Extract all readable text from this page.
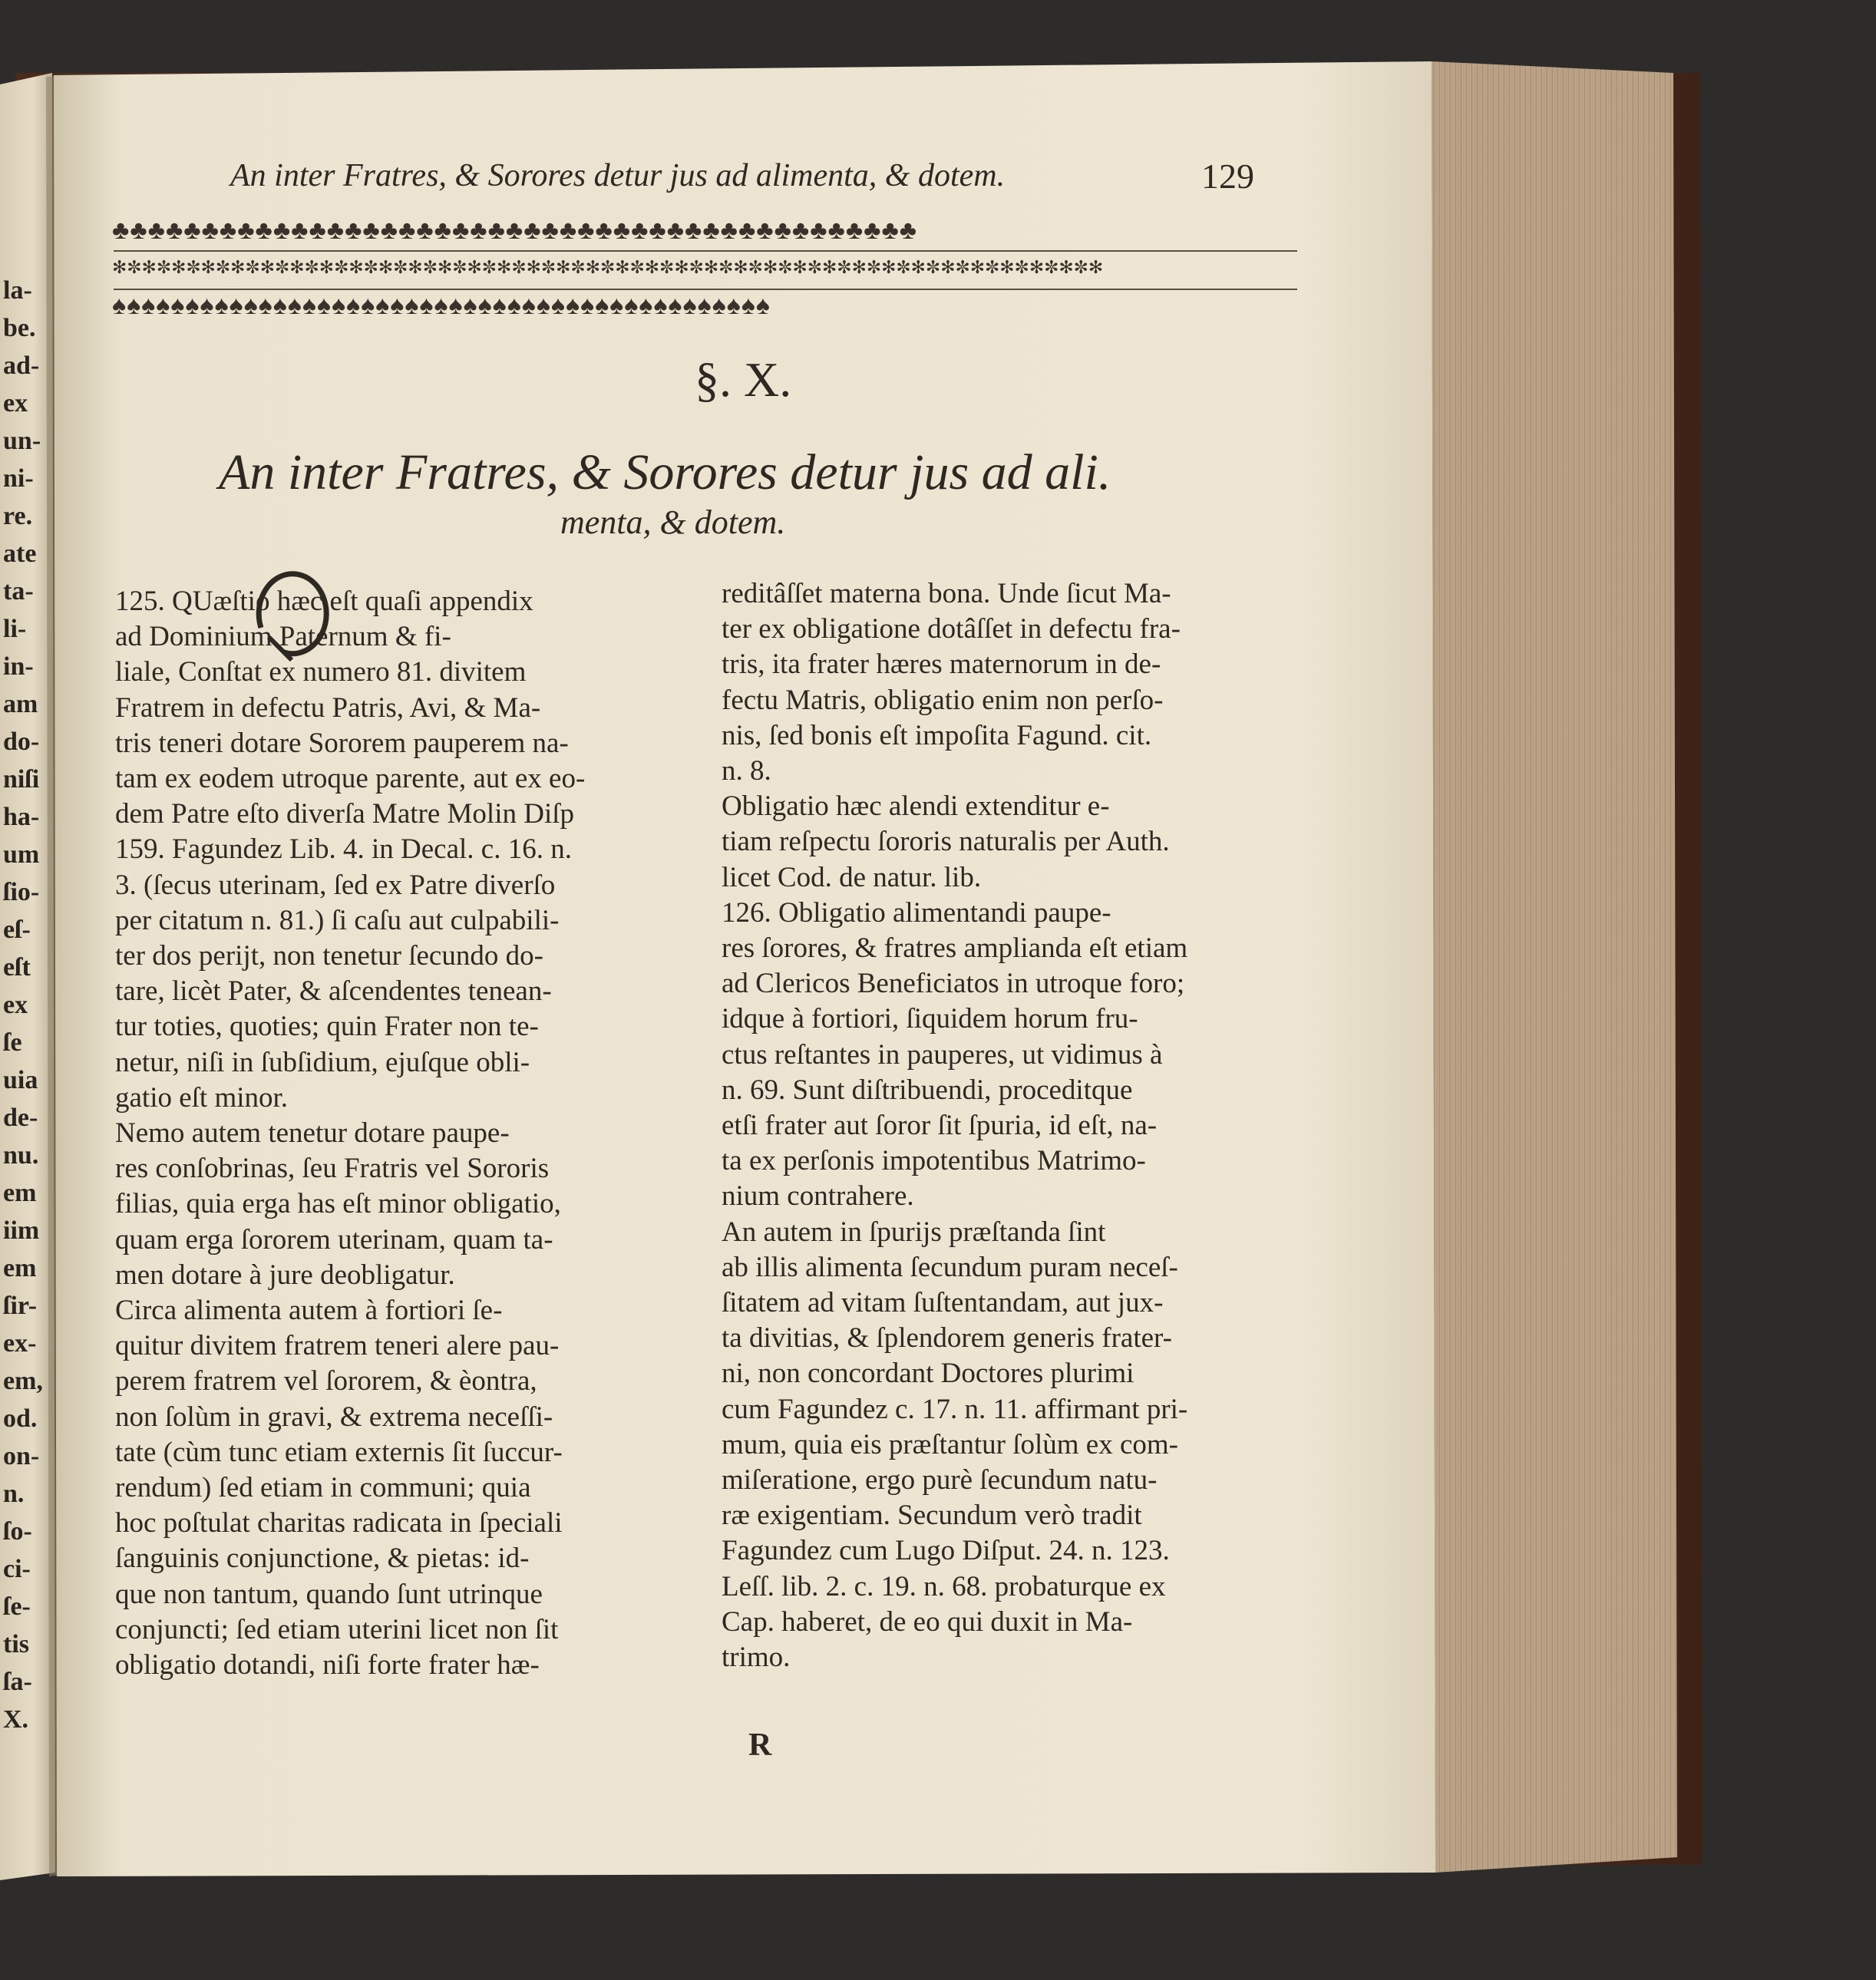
An inter Fratres, & Sorores detur jus ad alimenta, & dotem.	129
♣♣♣♣♣♣♣♣♣♣♣♣♣♣♣♣♣♣♣♣♣♣♣♣♣♣♣♣♣♣♣♣♣♣♣♣♣♣♣♣♣♣♣♣♣
✻✼✻✼✻✼✻✼✻✼✻✼✻✼✻✼✻✼✻✼✻✼✻✼✻✼✻✼✻✼✻✼✻✼✻✼✻✼✻✼✻✼✻✼✻✼✻✼✻✼✻✼✻✼✻✼✻✼✻✼✻✼✻✼✻✼✻
♠♠♠♠♠♠♠♠♠♠♠♠♠♠♠♠♠♠♠♠♠♠♠♠♠♠♠♠♠♠♠♠♠♠♠♠♠♠♠♠♠♠♠♠♠
§. X.
An inter Fratres, & Sorores detur jus ad ali.
menta, & dotem.
125. QUæſtio hæc eſt quaſi appendix
ad Dominium Paternum & fi-
liale, Conſtat ex numero 81. divitem
Fratrem in defectu Patris, Avi, & Ma-
tris teneri dotare Sororem pauperem na-
tam ex eodem utroque parente, aut ex eo-
dem Patre eſto diverſa Matre Molin Diſp
159. Fagundez Lib. 4. in Decal. c. 16. n.
3. (ſecus uterinam, ſed ex Patre diverſo
per citatum n. 81.) ſi caſu aut culpabili-
ter dos perijt, non tenetur ſecundo do-
tare, licèt Pater, & aſcendentes tenean-
tur toties, quoties; quin Frater non te-
netur, niſi in ſubſidium, ejuſque obli-
gatio eſt minor.
Nemo autem tenetur dotare paupe-
res conſobrinas, ſeu Fratris vel Sororis
filias, quia erga has eſt minor obligatio,
quam erga ſororem uterinam, quam ta-
men dotare à jure deobligatur.
Circa alimenta autem à fortiori ſe-
quitur divitem fratrem teneri alere pau-
perem fratrem vel ſororem, & èontra,
non ſolùm in gravi, & extrema neceſſi-
tate (cùm tunc etiam externis ſit ſuccur-
rendum) ſed etiam in communi; quia
hoc poſtulat charitas radicata in ſpeciali
ſanguinis conjunctione, & pietas: id-
que non tantum, quando ſunt utrinque
conjuncti; ſed etiam uterini licet non ſit
obligatio dotandi, niſi forte frater hæ-
reditâſſet materna bona. Unde ſicut Ma-
ter ex obligatione dotâſſet in defectu fra-
tris, ita frater hæres maternorum in de-
fectu Matris, obligatio enim non perſo-
nis, ſed bonis eſt impoſita Fagund. cit.
n. 8.
Obligatio hæc alendi extenditur e-
tiam reſpectu ſororis naturalis per Auth.
licet Cod. de natur. lib.
126. Obligatio alimentandi paupe-
res ſorores, & fratres amplianda eſt etiam
ad Clericos Beneficiatos in utroque foro;
idque à fortiori, ſiquidem horum fru-
ctus reſtantes in pauperes, ut vidimus à
n. 69. Sunt diſtribuendi, proceditque
etſi frater aut ſoror ſit ſpuria, id eſt, na-
ta ex perſonis impotentibus Matrimo-
nium contrahere.
An autem in ſpurijs præſtanda ſint
ab illis alimenta ſecundum puram neceſ-
ſitatem ad vitam ſuſtentandam, aut jux-
ta divitias, & ſplendorem generis frater-
ni, non concordant Doctores plurimi
cum Fagundez c. 17. n. 11. affirmant pri-
mum, quia eis præſtantur ſolùm ex com-
miſeratione, ergo purè ſecundum natu-
ræ exigentiam. Secundum verò tradit
Fagundez cum Lugo Diſput. 24. n. 123.
Leſſ. lib. 2. c. 19. n. 68. probaturque ex
Cap. haberet, de eo qui duxit in Ma-
trimo.
R
la-
be.
ad-
ex
un-
ni-
re.
ate
ta-
li-
in-
am
do-
niſi
ha-
um
ſio-
eſ-
eſt
ex
ſe
uia
de-
nu.
em
iim
em
ſir-
ex-
em,
od.
on-
n.
ſo-
ci-
ſe-
tis
ſa-
X.
